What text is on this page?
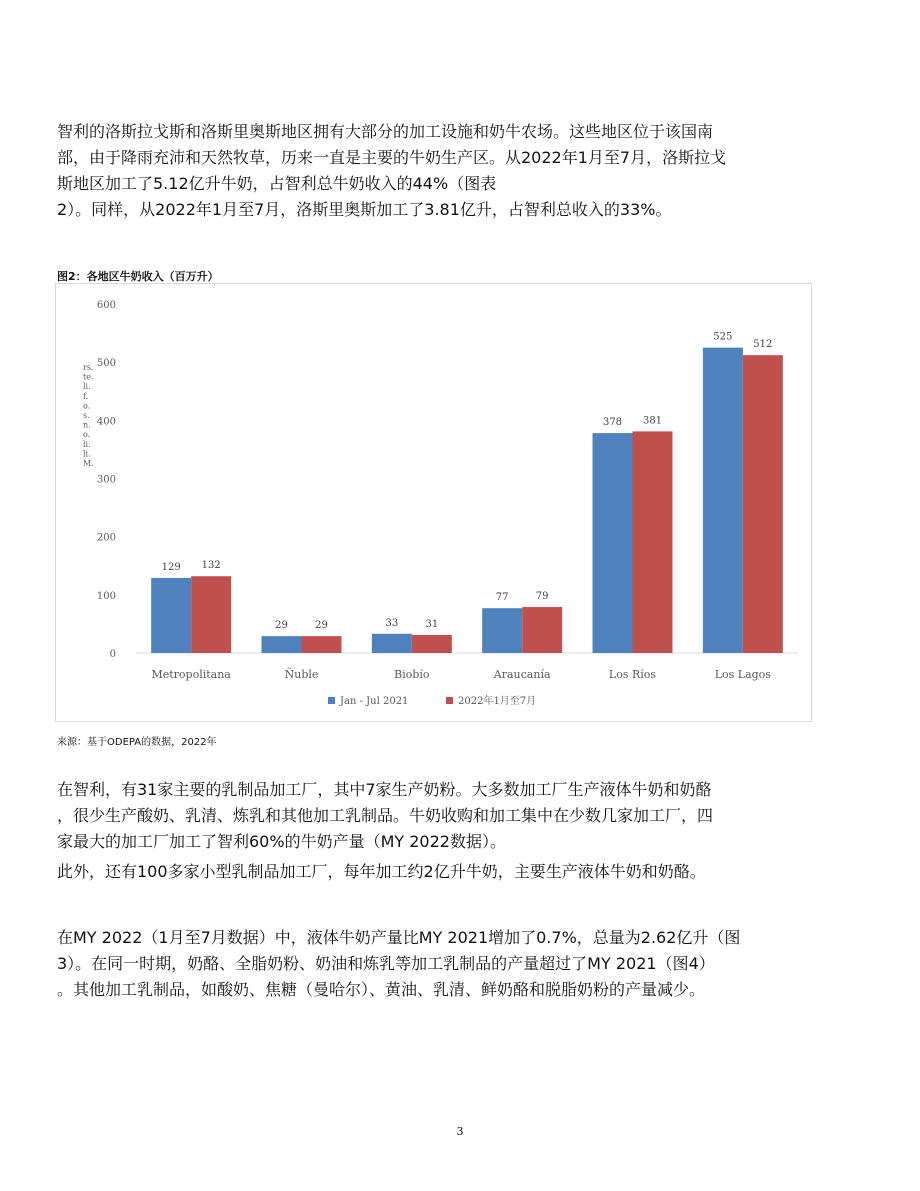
智利的洛斯拉戈斯和洛斯里奥斯地区拥有大部分的加工设施和奶牛农场。这些地区位于该国南
部，由于降雨充沛和天然牧草，历来一直是主要的牛奶生产区。从2022年1月至7月，洛斯拉戈
斯地区加工了5.12亿升牛奶，占智利总牛奶收入的44%（图表
2）。同样，从2022年1月至7月，洛斯里奥斯加工了3.81亿升，占智利总收入的33%。
图2：各地区牛奶收入（百万升）
0
100
200
300
400
500
600
rs.
te.
li.
f.
o.
s.
n.
o.
li.
li.
M.
129 132
Metropolitana
29	29
Ñuble
33	31
Biobío
77	79
Araucanía
378 381
Los Ríos
525
512
Los Lagos
Jan - Jul 2021	2022年1月至7月
来源：基于ODEPA的数据，2022年
在智利，有31家主要的乳制品加工厂，其中7家生产奶粉。大多数加工厂生产液体牛奶和奶酪
，很少生产酸奶、乳清、炼乳和其他加工乳制品。牛奶收购和加工集中在少数几家加工厂，四
家最大的加工厂加工了智利60%的牛奶产量（MY 2022数据）。
此外，还有100多家小型乳制品加工厂，每年加工约2亿升牛奶，主要生产液体牛奶和奶酪。
在MY 2022（1月至7月数据）中，液体牛奶产量比MY 2021增加了0.7%，总量为2.62亿升（图
3）。在同一时期，奶酪、全脂奶粉、奶油和炼乳等加工乳制品的产量超过了MY 2021（图4）
。其他加工乳制品，如酸奶、焦糖（曼哈尔）、黄油、乳清、鲜奶酪和脱脂奶粉的产量减少。
3
